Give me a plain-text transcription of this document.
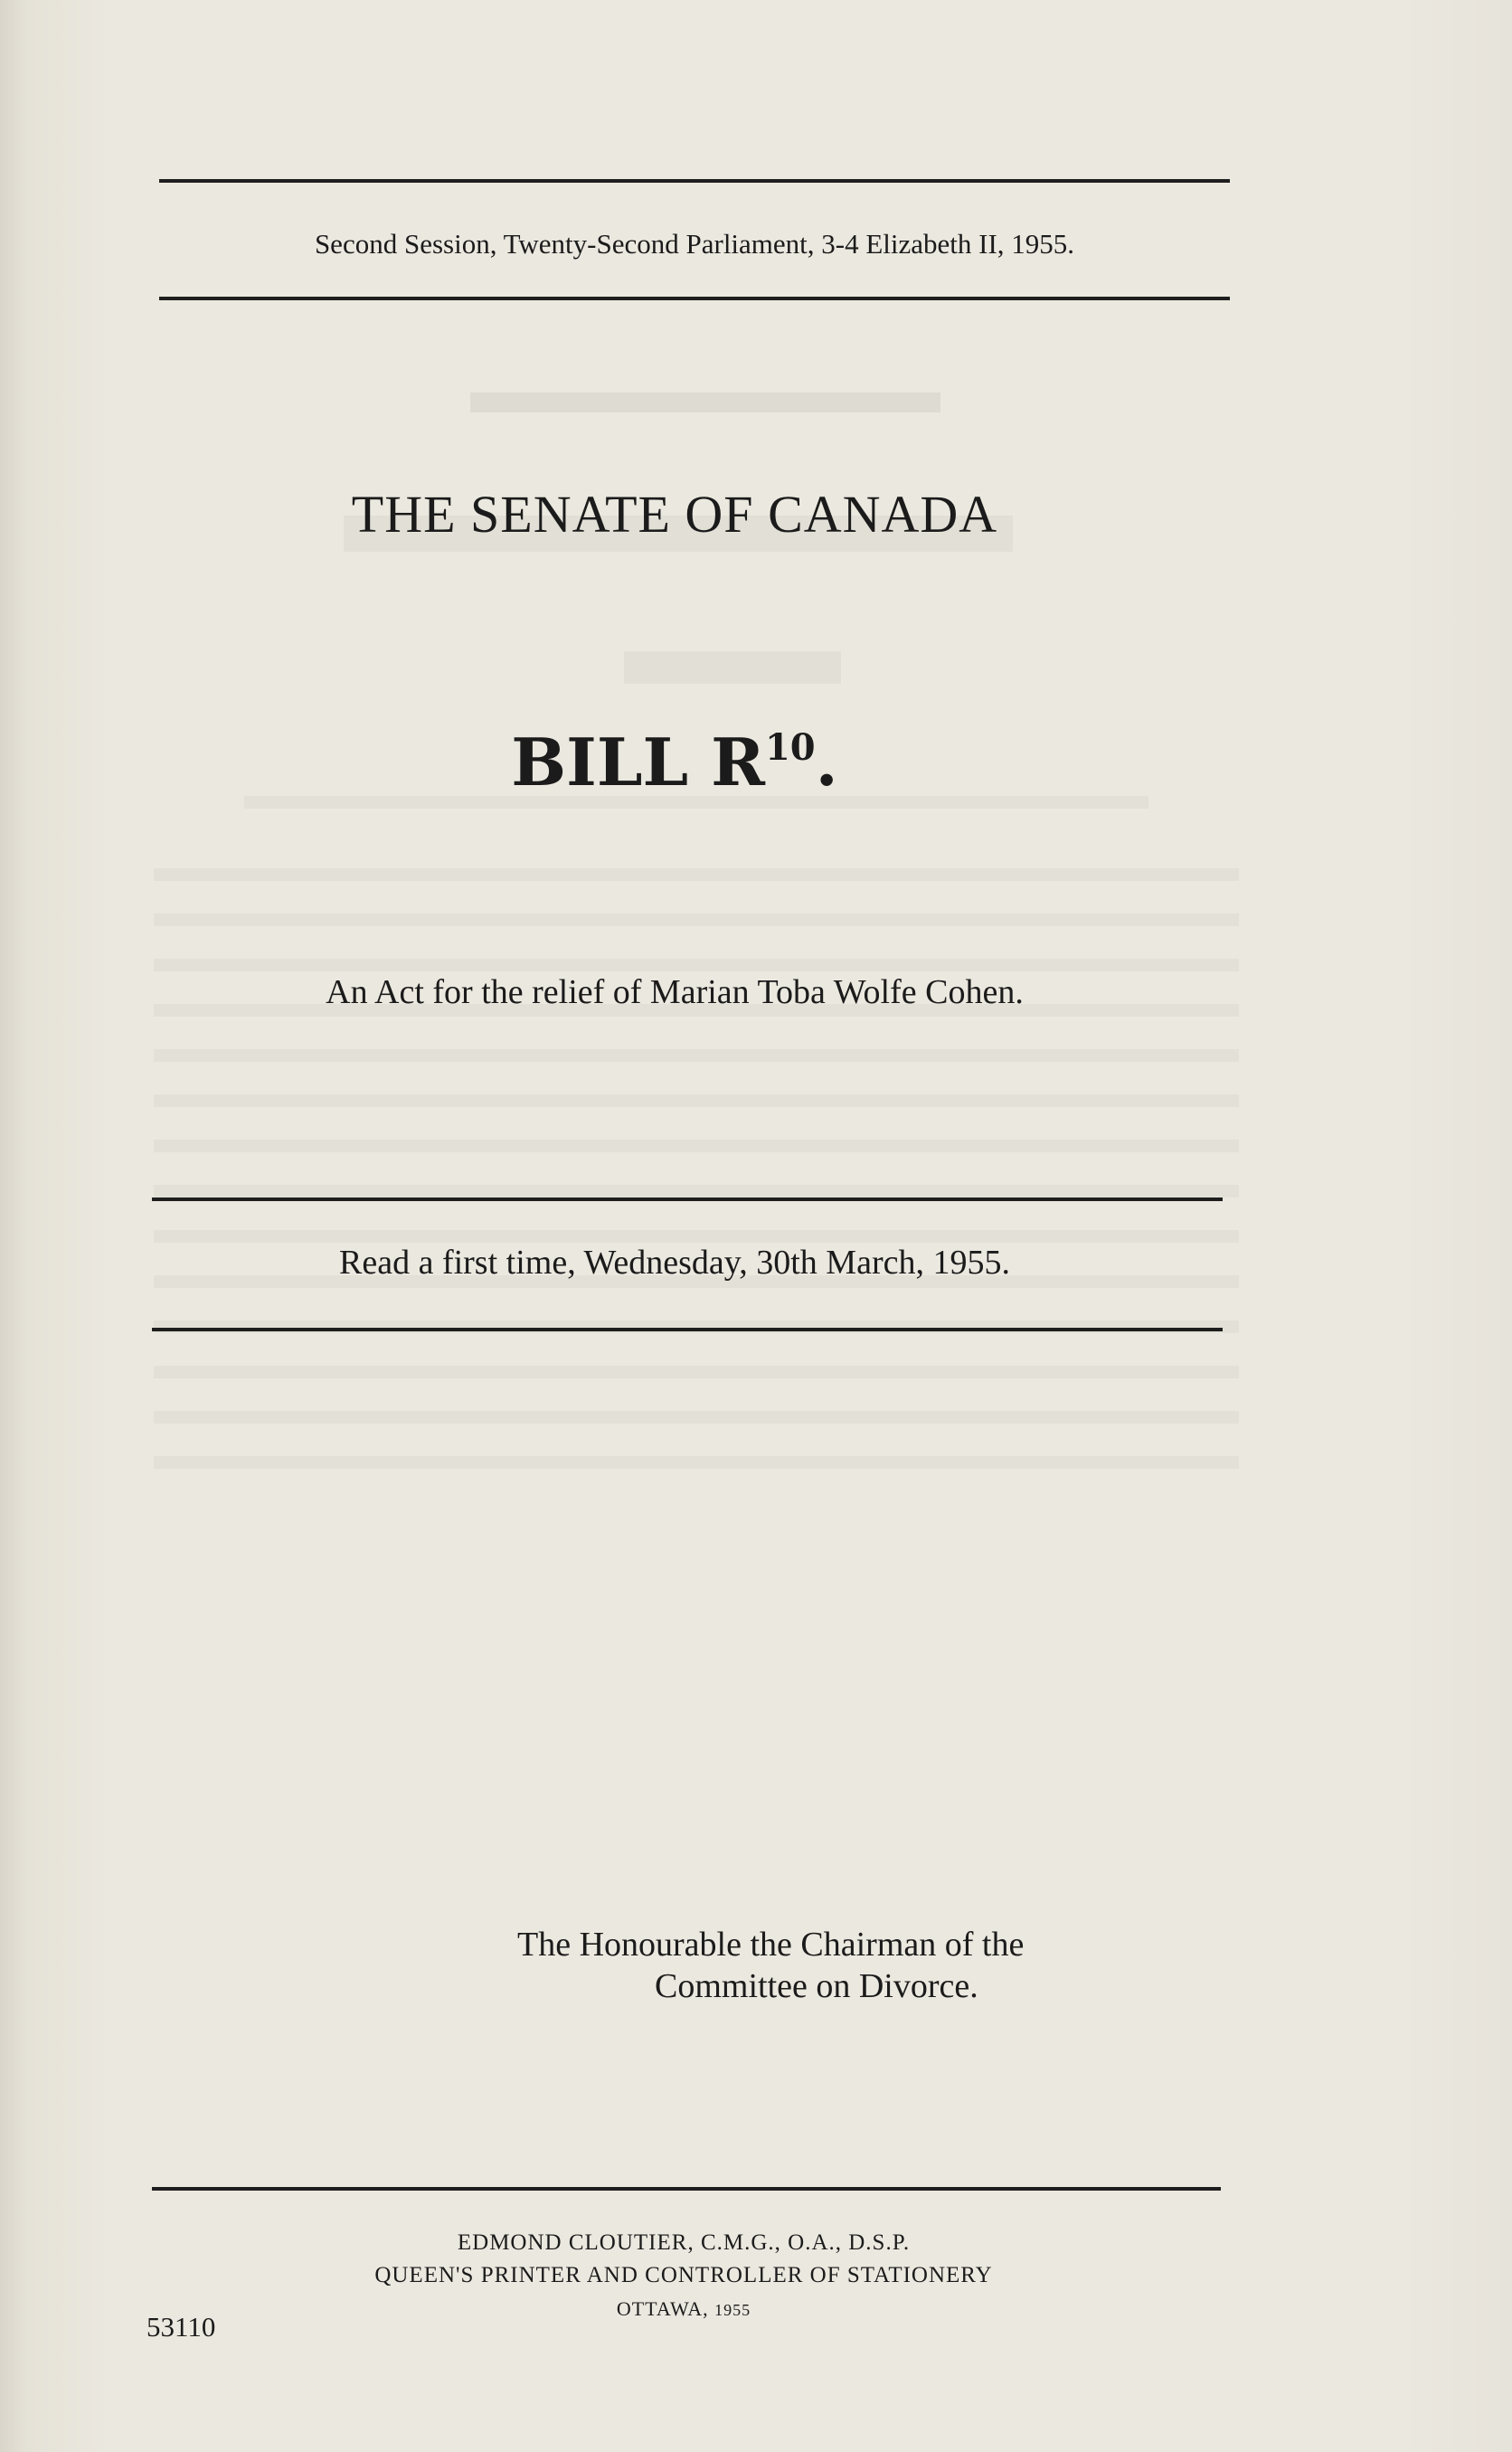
Second Session, Twenty-Second Parliament, 3-4 Elizabeth II, 1955.
THE SENATE OF CANADA
BILL $R^{10}$.
An Act for the relief of Marian Toba Wolfe Cohen.
Read a first time, Wednesday, 30th March, 1955.
The Honourable the Chairman of the
Committee on Divorce.
EDMOND CLOUTIER, C.M.G., O.A., D.S.P.
QUEEN'S PRINTER AND CONTROLLER OF STATIONERY
OTTAWA, 1955
53110
